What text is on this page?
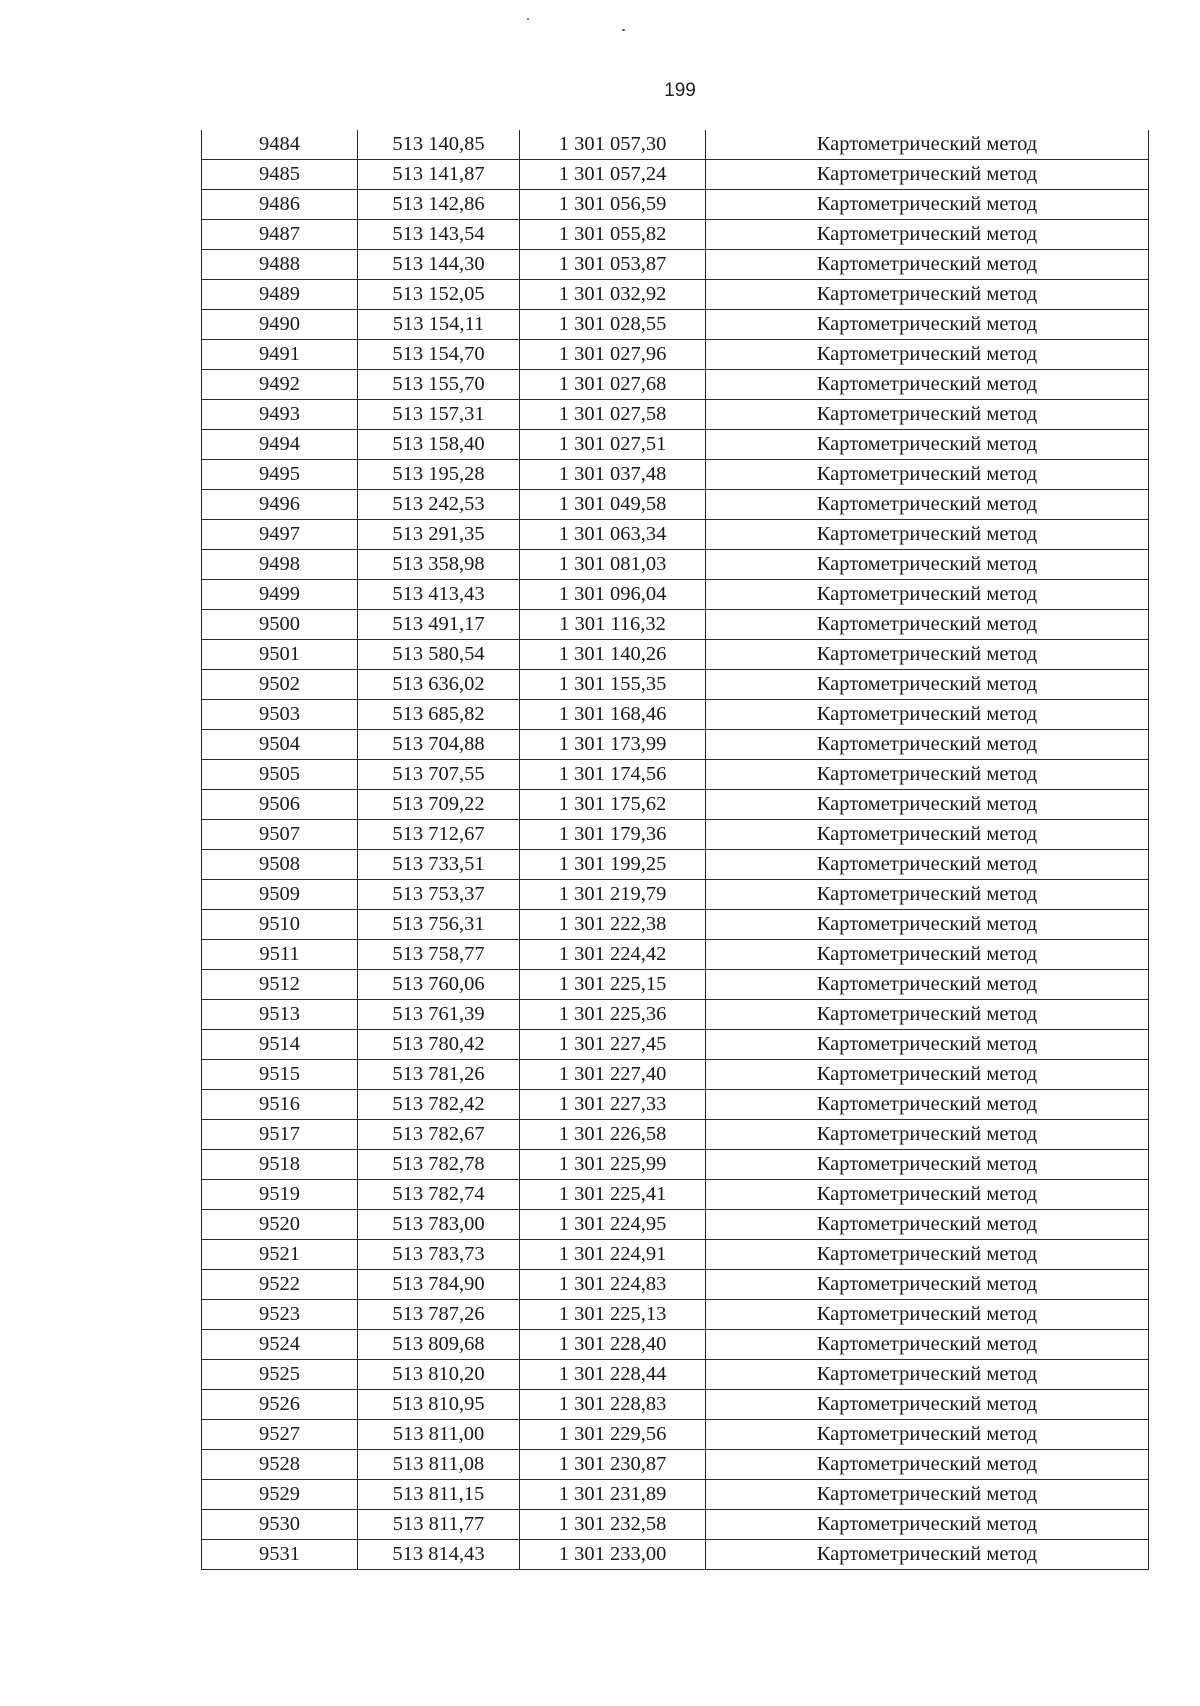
199
9484	513 140,85	1 301 057,30	Картометрический метод
9485	513 141,87	1 301 057,24	Картометрический метод
9486	513 142,86	1 301 056,59	Картометрический метод
9487	513 143,54	1 301 055,82	Картометрический метод
9488	513 144,30	1 301 053,87	Картометрический метод
9489	513 152,05	1 301 032,92	Картометрический метод
9490	513 154,11	1 301 028,55	Картометрический метод
9491	513 154,70	1 301 027,96	Картометрический метод
9492	513 155,70	1 301 027,68	Картометрический метод
9493	513 157,31	1 301 027,58	Картометрический метод
9494	513 158,40	1 301 027,51	Картометрический метод
9495	513 195,28	1 301 037,48	Картометрический метод
9496	513 242,53	1 301 049,58	Картометрический метод
9497	513 291,35	1 301 063,34	Картометрический метод
9498	513 358,98	1 301 081,03	Картометрический метод
9499	513 413,43	1 301 096,04	Картометрический метод
9500	513 491,17	1 301 116,32	Картометрический метод
9501	513 580,54	1 301 140,26	Картометрический метод
9502	513 636,02	1 301 155,35	Картометрический метод
9503	513 685,82	1 301 168,46	Картометрический метод
9504	513 704,88	1 301 173,99	Картометрический метод
9505	513 707,55	1 301 174,56	Картометрический метод
9506	513 709,22	1 301 175,62	Картометрический метод
9507	513 712,67	1 301 179,36	Картометрический метод
9508	513 733,51	1 301 199,25	Картометрический метод
9509	513 753,37	1 301 219,79	Картометрический метод
9510	513 756,31	1 301 222,38	Картометрический метод
9511	513 758,77	1 301 224,42	Картометрический метод
9512	513 760,06	1 301 225,15	Картометрический метод
9513	513 761,39	1 301 225,36	Картометрический метод
9514	513 780,42	1 301 227,45	Картометрический метод
9515	513 781,26	1 301 227,40	Картометрический метод
9516	513 782,42	1 301 227,33	Картометрический метод
9517	513 782,67	1 301 226,58	Картометрический метод
9518	513 782,78	1 301 225,99	Картометрический метод
9519	513 782,74	1 301 225,41	Картометрический метод
9520	513 783,00	1 301 224,95	Картометрический метод
9521	513 783,73	1 301 224,91	Картометрический метод
9522	513 784,90	1 301 224,83	Картометрический метод
9523	513 787,26	1 301 225,13	Картометрический метод
9524	513 809,68	1 301 228,40	Картометрический метод
9525	513 810,20	1 301 228,44	Картометрический метод
9526	513 810,95	1 301 228,83	Картометрический метод
9527	513 811,00	1 301 229,56	Картометрический метод
9528	513 811,08	1 301 230,87	Картометрический метод
9529	513 811,15	1 301 231,89	Картометрический метод
9530	513 811,77	1 301 232,58	Картометрический метод
9531	513 814,43	1 301 233,00	Картометрический метод
